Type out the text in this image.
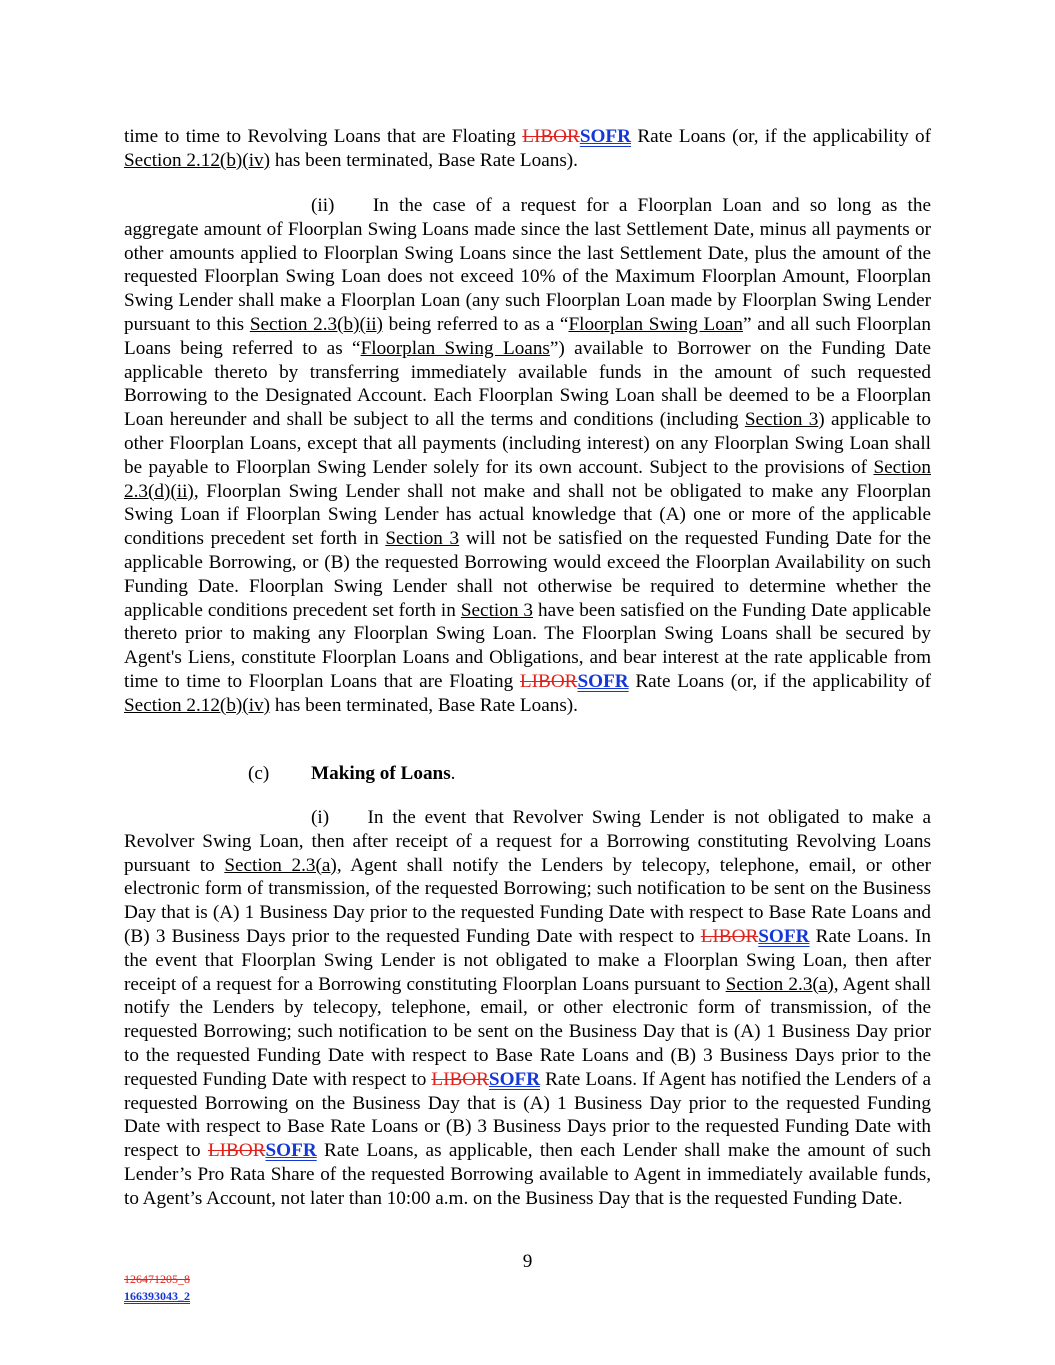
time to time to Revolving Loans that are Floating LIBORSOFR Rate Loans (or, if the applicability of Section 2.12(b)(iv) has been terminated, Base Rate Loans).

(ii)  In the case of a request for a Floorplan Loan and so long as the aggregate amount of Floorplan Swing Loans made since the last Settlement Date, minus all payments or other amounts applied to Floorplan Swing Loans since the last Settlement Date, plus the amount of the requested Floorplan Swing Loan does not exceed 10% of the Maximum Floorplan Amount, Floorplan Swing Lender shall make a Floorplan Loan (any such Floorplan Loan made by Floorplan Swing Lender pursuant to this Section 2.3(b)(ii) being referred to as a “Floorplan Swing Loan” and all such Floorplan Loans being referred to as “Floorplan Swing Loans”) available to Borrower on the Funding Date applicable thereto by transferring immediately available funds in the amount of such requested Borrowing to the Designated Account. Each Floorplan Swing Loan shall be deemed to be a Floorplan Loan hereunder and shall be subject to all the terms and conditions (including Section 3) applicable to other Floorplan Loans, except that all payments (including interest) on any Floorplan Swing Loan shall be payable to Floorplan Swing Lender solely for its own account. Subject to the provisions of Section 2.3(d)(ii), Floorplan Swing Lender shall not make and shall not be obligated to make any Floorplan Swing Loan if Floorplan Swing Lender has actual knowledge that (A) one or more of the applicable conditions precedent set forth in Section 3 will not be satisfied on the requested Funding Date for the applicable Borrowing, or (B) the requested Borrowing would exceed the Floorplan Availability on such Funding Date. Floorplan Swing Lender shall not otherwise be required to determine whether the applicable conditions precedent set forth in Section 3 have been satisfied on the Funding Date applicable thereto prior to making any Floorplan Swing Loan. The Floorplan Swing Loans shall be secured by Agent's Liens, constitute Floorplan Loans and Obligations, and bear interest at the rate applicable from time to time to Floorplan Loans that are Floating LIBORSOFR Rate Loans (or, if the applicability of Section 2.12(b)(iv) has been terminated, Base Rate Loans).

(c) Making of Loans.

(i)  In the event that Revolver Swing Lender is not obligated to make a Revolver Swing Loan, then after receipt of a request for a Borrowing constituting Revolving Loans pursuant to Section 2.3(a), Agent shall notify the Lenders by telecopy, telephone, email, or other electronic form of transmission, of the requested Borrowing; such notification to be sent on the Business Day that is (A) 1 Business Day prior to the requested Funding Date with respect to Base Rate Loans and (B) 3 Business Days prior to the requested Funding Date with respect to LIBORSOFR Rate Loans. In the event that Floorplan Swing Lender is not obligated to make a Floorplan Swing Loan, then after receipt of a request for a Borrowing constituting Floorplan Loans pursuant to Section 2.3(a), Agent shall notify the Lenders by telecopy, telephone, email, or other electronic form of transmission, of the requested Borrowing; such notification to be sent on the Business Day that is (A) 1 Business Day prior to the requested Funding Date with respect to Base Rate Loans and (B) 3 Business Days prior to the requested Funding Date with respect to LIBORSOFR Rate Loans. If Agent has notified the Lenders of a requested Borrowing on the Business Day that is (A) 1 Business Day prior to the requested Funding Date with respect to Base Rate Loans or (B) 3 Business Days prior to the requested Funding Date with respect to LIBORSOFR Rate Loans, as applicable, then each Lender shall make the amount of such Lender’s Pro Rata Share of the requested Borrowing available to Agent in immediately available funds, to Agent’s Account, not later than 10:00 a.m. on the Business Day that is the requested Funding Date.

9
126471205_8
166393043_2
